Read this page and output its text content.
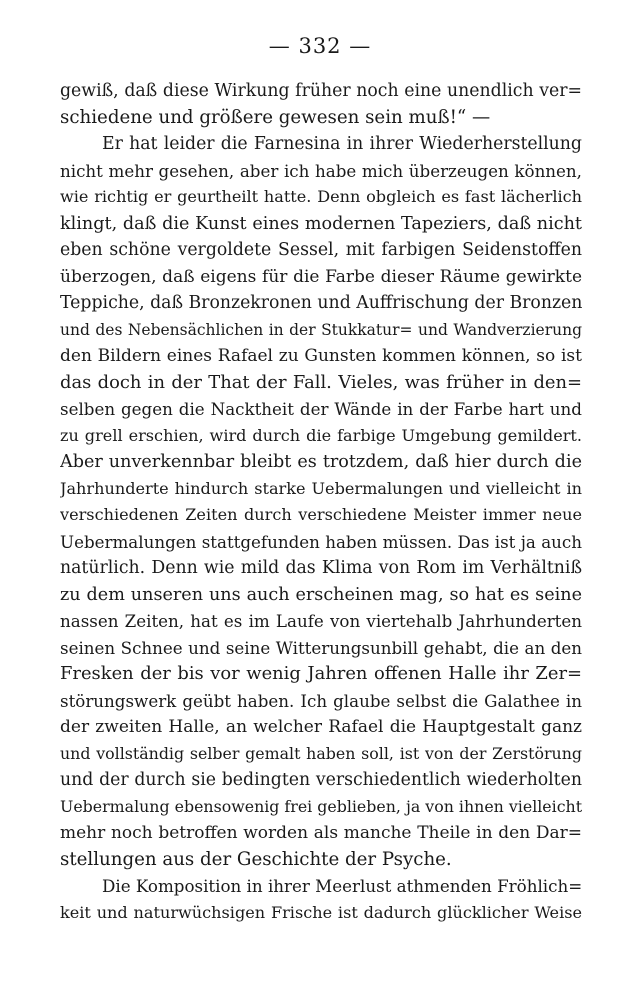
— 332 —
gewiß, daß diese Wirkung früher noch eine unendlich ver=
schiedene und größere gewesen sein muß!“ —
Er hat leider die Farnesina in ihrer Wiederherstellung
nicht mehr gesehen, aber ich habe mich überzeugen können,
wie richtig er geurtheilt hatte. Denn obgleich es fast lächerlich
klingt, daß die Kunst eines modernen Tapeziers, daß nicht
eben schöne vergoldete Sessel, mit farbigen Seidenstoffen
überzogen, daß eigens für die Farbe dieser Räume gewirkte
Teppiche, daß Bronzekronen und Auffrischung der Bronzen
und des Nebensächlichen in der Stukkatur= und Wandverzierung
den Bildern eines Rafael zu Gunsten kommen können, so ist
das doch in der That der Fall. Vieles, was früher in den=
selben gegen die Nacktheit der Wände in der Farbe hart und
zu grell erschien, wird durch die farbige Umgebung gemildert.
Aber unverkennbar bleibt es trotzdem, daß hier durch die
Jahrhunderte hindurch starke Uebermalungen und vielleicht in
verschiedenen Zeiten durch verschiedene Meister immer neue
Uebermalungen stattgefunden haben müssen. Das ist ja auch
natürlich. Denn wie mild das Klima von Rom im Verhältniß
zu dem unseren uns auch erscheinen mag, so hat es seine
nassen Zeiten, hat es im Laufe von viertehalb Jahrhunderten
seinen Schnee und seine Witterungsunbill gehabt, die an den
Fresken der bis vor wenig Jahren offenen Halle ihr Zer=
störungswerk geübt haben. Ich glaube selbst die Galathee in
der zweiten Halle, an welcher Rafael die Hauptgestalt ganz
und vollständig selber gemalt haben soll, ist von der Zerstörung
und der durch sie bedingten verschiedentlich wiederholten
Uebermalung ebensowenig frei geblieben, ja von ihnen vielleicht
mehr noch betroffen worden als manche Theile in den Dar=
stellungen aus der Geschichte der Psyche.
Die Komposition in ihrer Meerlust athmenden Fröhlich=
keit und naturwüchsigen Frische ist dadurch glücklicher Weise
